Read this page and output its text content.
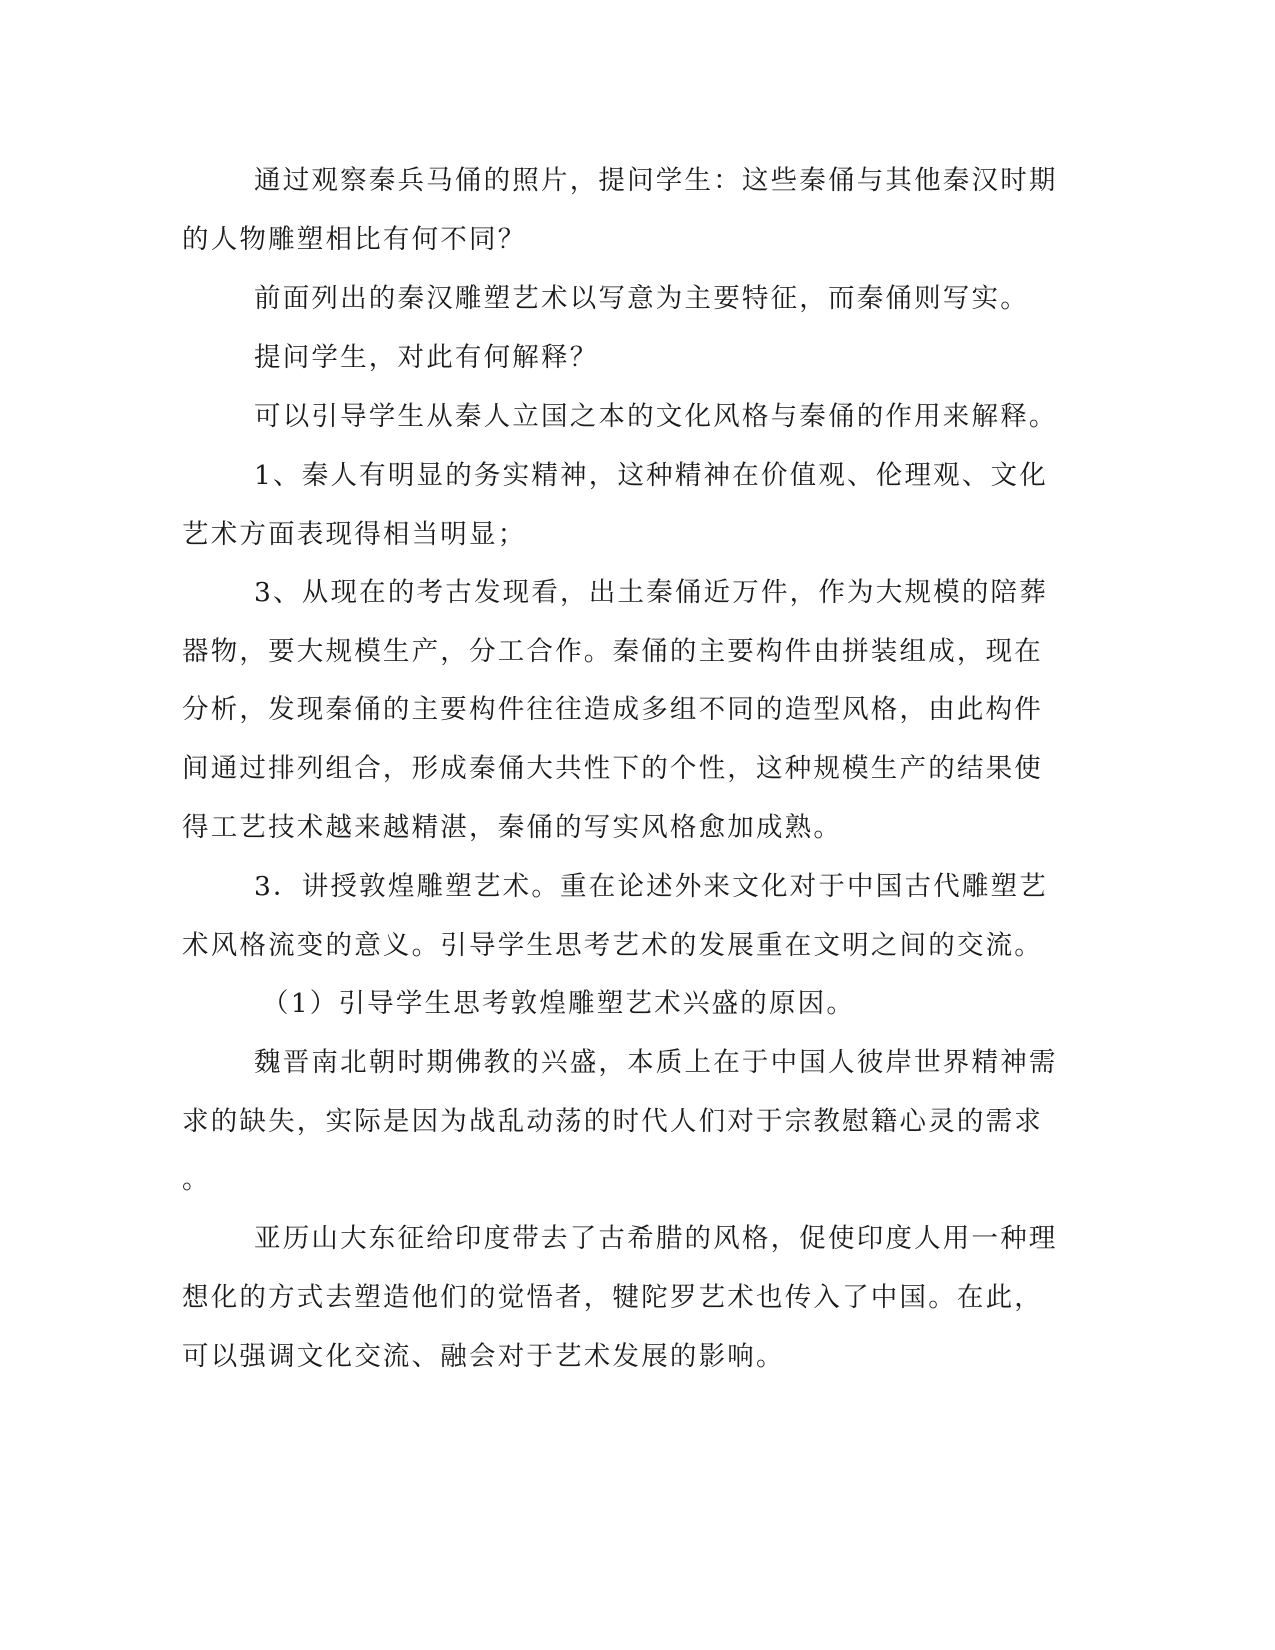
通过观察秦兵马俑的照片，提问学生：这些秦俑与其他秦汉时期
的人物雕塑相比有何不同？
前面列出的秦汉雕塑艺术以写意为主要特征，而秦俑则写实。
提问学生，对此有何解释？
可以引导学生从秦人立国之本的文化风格与秦俑的作用来解释。
1、秦人有明显的务实精神，这种精神在价值观、伦理观、文化
艺术方面表现得相当明显；
3、从现在的考古发现看，出土秦俑近万件，作为大规模的陪葬
器物，要大规模生产，分工合作。秦俑的主要构件由拼装组成，现在
分析，发现秦俑的主要构件往往造成多组不同的造型风格，由此构件
间通过排列组合，形成秦俑大共性下的个性，这种规模生产的结果使
得工艺技术越来越精湛，秦俑的写实风格愈加成熟。
3．讲授敦煌雕塑艺术。重在论述外来文化对于中国古代雕塑艺
术风格流变的意义。引导学生思考艺术的发展重在文明之间的交流。
（1）引导学生思考敦煌雕塑艺术兴盛的原因。
魏晋南北朝时期佛教的兴盛，本质上在于中国人彼岸世界精神需
求的缺失，实际是因为战乱动荡的时代人们对于宗教慰籍心灵的需求
。
亚历山大东征给印度带去了古希腊的风格，促使印度人用一种理
想化的方式去塑造他们的觉悟者，犍陀罗艺术也传入了中国。在此，
可以强调文化交流、融会对于艺术发展的影响。
